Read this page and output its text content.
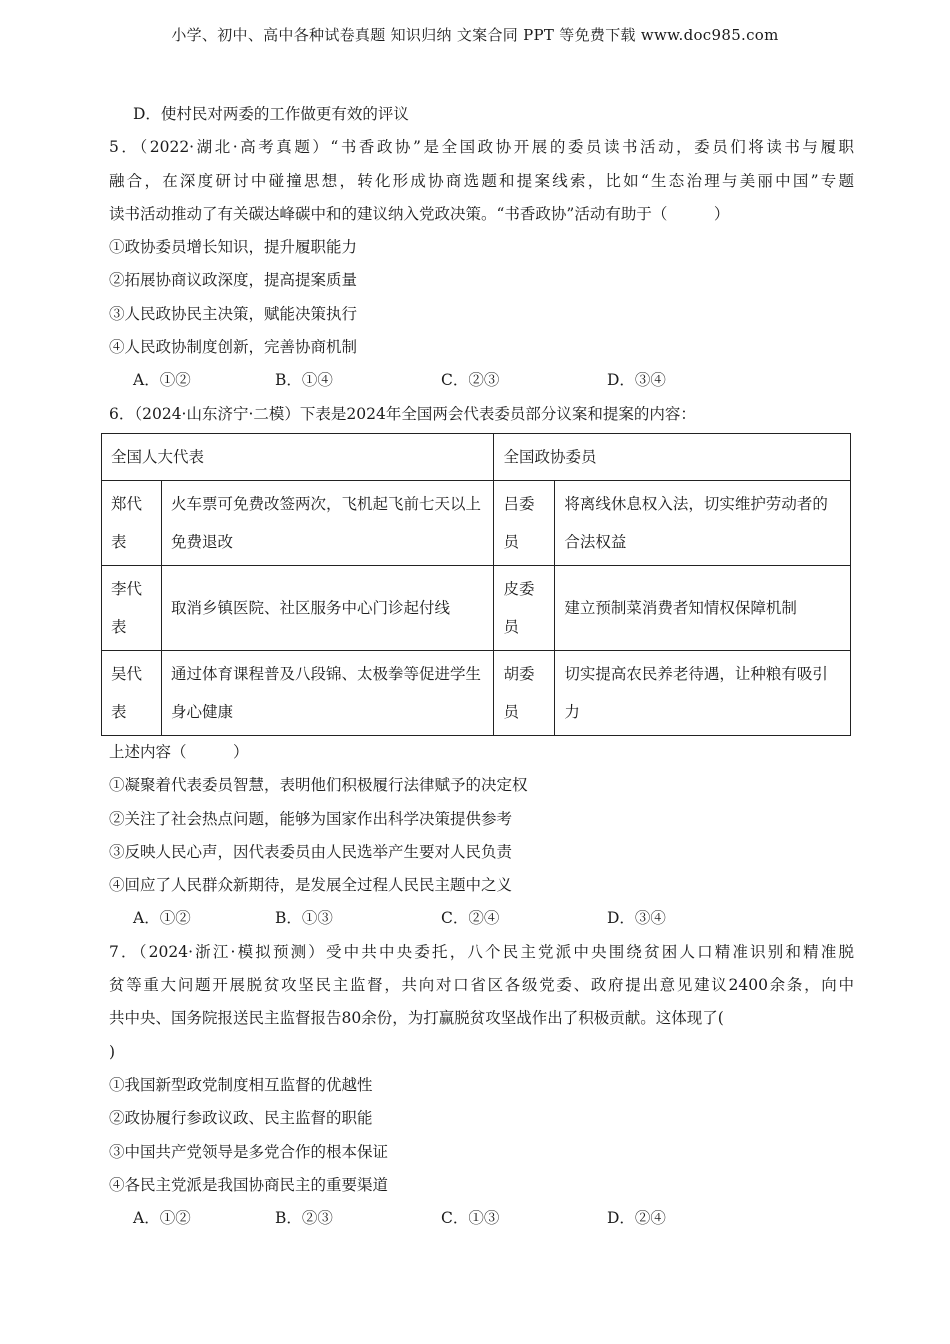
小学、初中、高中各种试卷真题 知识归纳 文案合同 PPT 等免费下载 www.doc985.com
D．使村民对两委的工作做更有效的评议
5．（2022·湖北·高考真题）“书香政协”是全国政协开展的委员读书活动，委员们将读书与履职
融合，在深度研讨中碰撞思想，转化形成协商选题和提案线索，比如“生态治理与美丽中国”专题
读书活动推动了有关碳达峰碳中和的建议纳入党政决策。“书香政协”活动有助于（　　　）
①政协委员增长知识，提升履职能力
②拓展协商议政深度，提高提案质量
③人民政协民主决策，赋能决策执行
④人民政协制度创新，完善协商机制
A．①②	B．①④	C．②③	D．③④
6．（2024·山东济宁·二模）下表是2024年全国两会代表委员部分议案和提案的内容：
全国人大代表		全国政协委员	
郑代表	火车票可免费改签两次，飞机起飞前七天以上免费退改	吕委员	将离线休息权入法，切实维护劳动者的合法权益
李代表	取消乡镇医院、社区服务中心门诊起付线	皮委员	建立预制菜消费者知情权保障机制
吴代表	通过体育课程普及八段锦、太极拳等促进学生身心健康	胡委员	切实提高农民养老待遇，让种粮有吸引力
上述内容（　　　）
①凝聚着代表委员智慧，表明他们积极履行法律赋予的决定权
②关注了社会热点问题，能够为国家作出科学决策提供参考
③反映人民心声，因代表委员由人民选举产生要对人民负责
④回应了人民群众新期待，是发展全过程人民民主题中之义
A．①②	B．①③	C．②④	D．③④
7．（2024·浙江·模拟预测）受中共中央委托，八个民主党派中央围绕贫困人口精准识别和精准脱
贫等重大问题开展脱贫攻坚民主监督，共向对口省区各级党委、政府提出意见建议2400余条，向中
共中央、国务院报送民主监督报告80余份，为打赢脱贫攻坚战作出了积极贡献。这体现了(
)
①我国新型政党制度相互监督的优越性
②政协履行参政议政、民主监督的职能
③中国共产党领导是多党合作的根本保证
④各民主党派是我国协商民主的重要渠道
A．①②	B．②③	C．①③	D．②④
